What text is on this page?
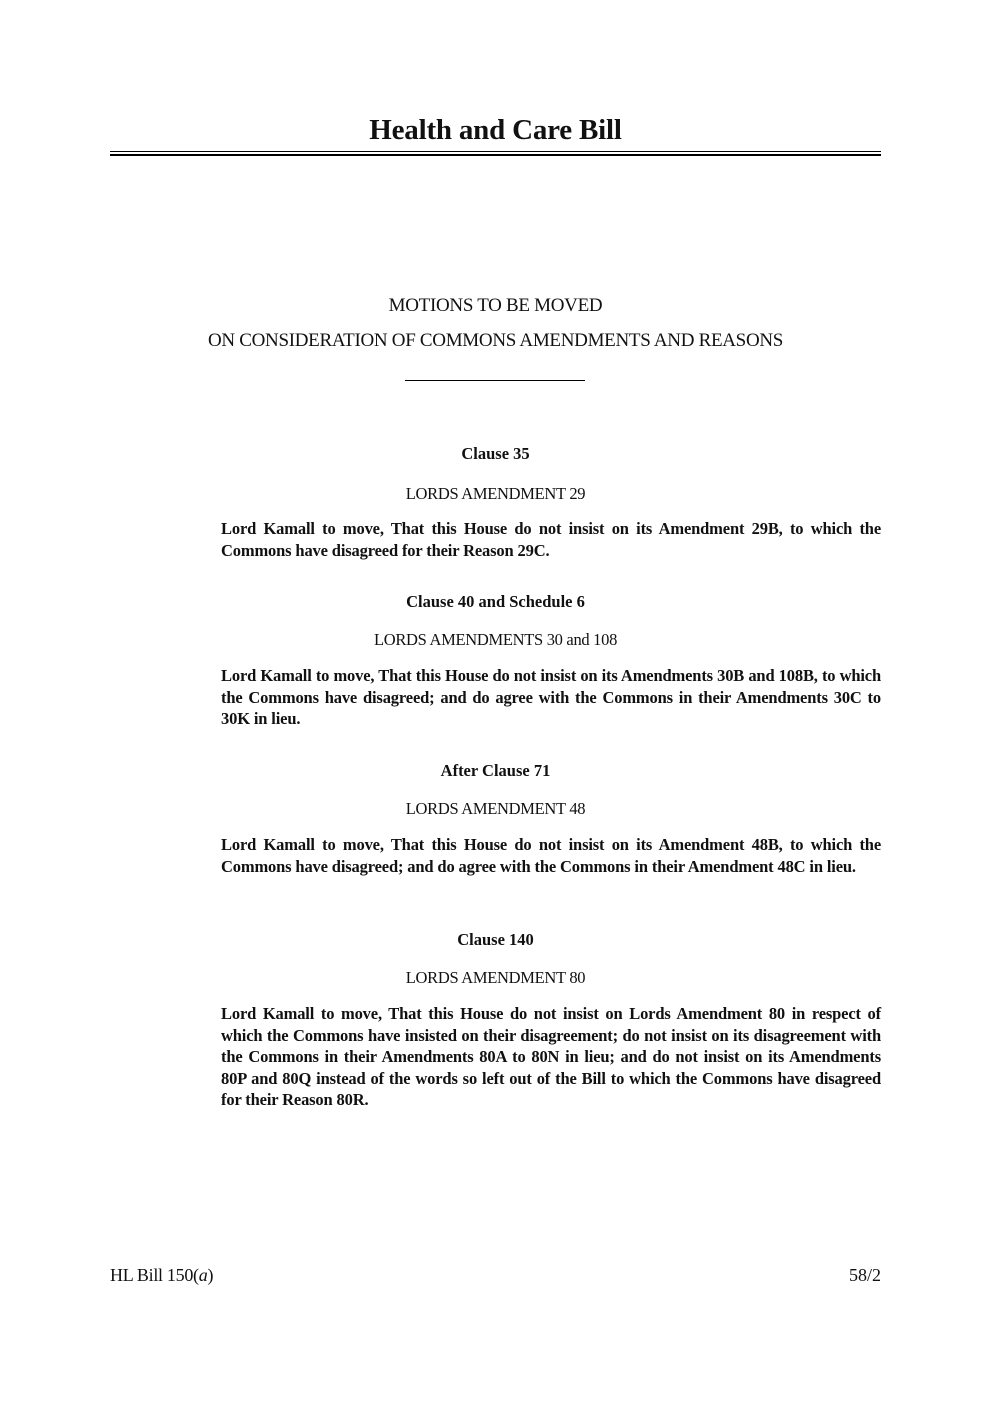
Health and Care Bill
MOTIONS TO BE MOVED
ON CONSIDERATION OF COMMONS AMENDMENTS AND REASONS
Clause 35
LORDS AMENDMENT 29

Lord Kamall to move, That this House do not insist on its Amendment 29B, to which the Commons have disagreed for their Reason 29C.

Clause 40 and Schedule 6
LORDS AMENDMENTS 30 and 108

Lord Kamall to move, That this House do not insist on its Amendments 30B and 108B, to which the Commons have disagreed; and do agree with the Commons in their Amendments 30C to 30K in lieu.

After Clause 71
LORDS AMENDMENT 48

Lord Kamall to move, That this House do not insist on its Amendment 48B, to which the Commons have disagreed; and do agree with the Commons in their Amendment 48C in lieu.

Clause 140
LORDS AMENDMENT 80

Lord Kamall to move, That this House do not insist on Lords Amendment 80 in respect of which the Commons have insisted on their disagreement; do not insist on its disagreement with the Commons in their Amendments 80A to 80N in lieu; and do not insist on its Amendments 80P and 80Q instead of the words so left out of the Bill to which the Commons have disagreed for their Reason 80R.

HL Bill 150(a)	58/2
